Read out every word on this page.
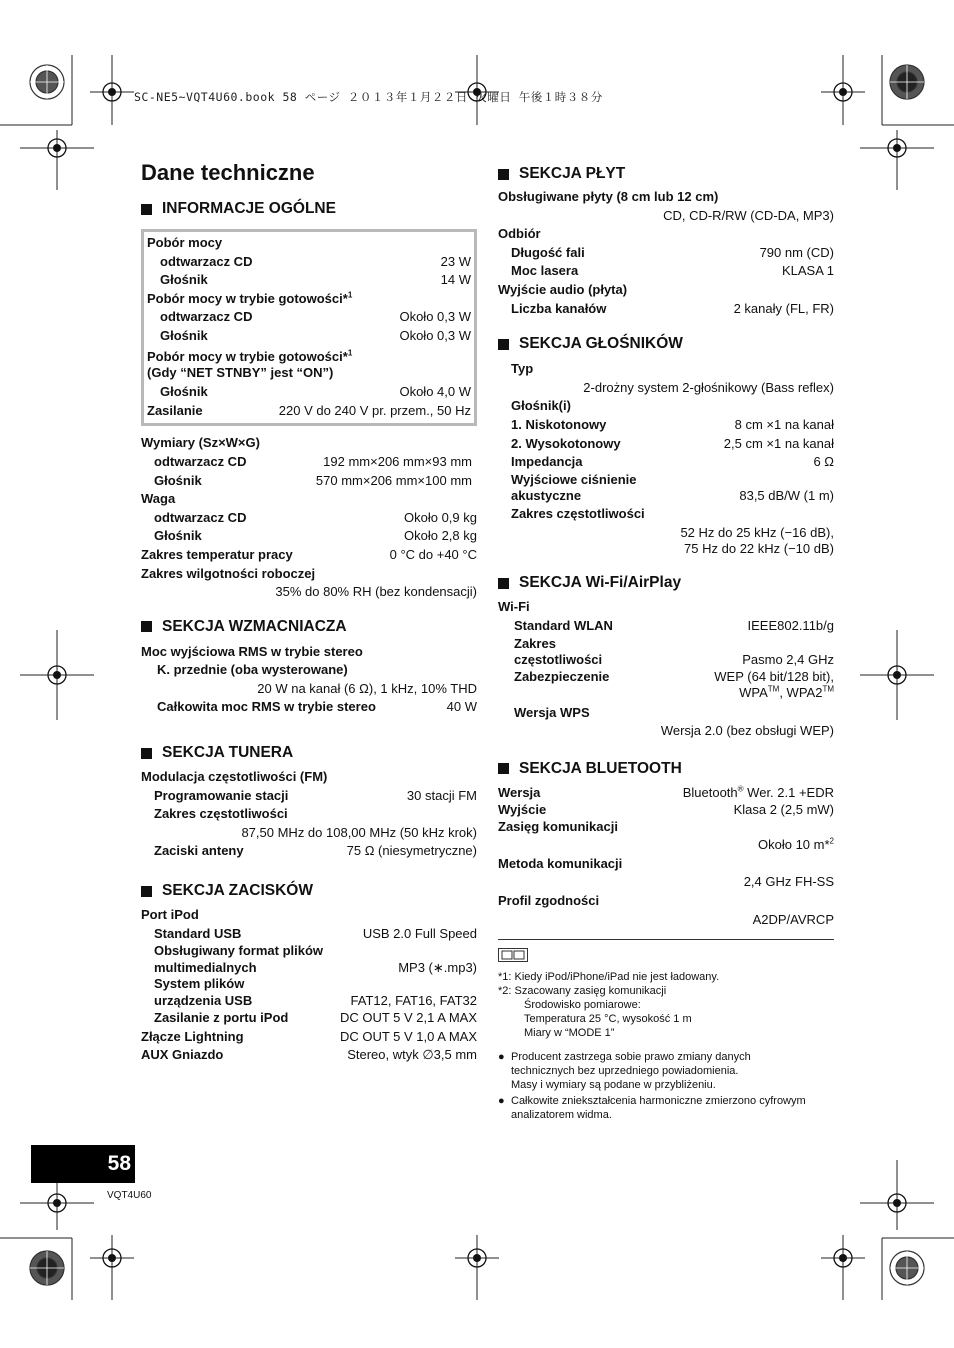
SC-NE5~VQT4U60.book 58 ページ ２０１３年１月２２日 火曜日 午後１時３８分
Dane techniczne
INFORMACJE OGÓLNE
Pobór mocy
odtwarzacz CD	23 W
Głośnik	14 W
Pobór mocy w trybie gotowości*$^1$
odtwarzacz CD	Około 0,3 W
Głośnik	Około 0,3 W
Pobór mocy w trybie gotowości*$^1$
(Gdy “NET STNBY” jest “ON”)
Głośnik	Około 4,0 W
Zasilanie	220 V do 240 V pr. przem., 50 Hz
Wymiary (Sz×W×G)
odtwarzacz CD	192 mm×206 mm×93 mm
Głośnik	570 mm×206 mm×100 mm
Waga
odtwarzacz CD	Około 0,9 kg
Głośnik	Około 2,8 kg
Zakres temperatur pracy	0 °C do +40 °C
Zakres wilgotności roboczej
35% do 80% RH (bez kondensacji)
SEKCJA WZMACNIACZA
Moc wyjściowa RMS w trybie stereo
K. przednie (oba wysterowane)
20 W na kanał (6 Ω), 1 kHz, 10% THD
Całkowita moc RMS w trybie stereo	40 W
SEKCJA TUNERA
Modulacja częstotliwości (FM)
Programowanie stacji	30 stacji FM
Zakres częstotliwości
87,50 MHz do 108,00 MHz (50 kHz krok)
Zaciski anteny	75 Ω (niesymetryczne)
SEKCJA ZACISKÓW
Port iPod
Standard USB	USB 2.0 Full Speed
Obsługiwany format plików
multimedialnych	MP3 (∗.mp3)
System plików
urządzenia USB	FAT12, FAT16, FAT32
Zasilanie z portu iPod	DC OUT 5 V 2,1 A MAX
Złącze Lightning	DC OUT 5 V 1,0 A MAX
AUX Gniazdo	Stereo, wtyk ∅3,5 mm
SEKCJA PŁYT
Obsługiwane płyty (8 cm lub 12 cm)
CD, CD-R/RW (CD-DA, MP3)
Odbiór
Długość fali	790 nm (CD)
Moc lasera	KLASA 1
Wyjście audio (płyta)
Liczba kanałów	2 kanały (FL, FR)
SEKCJA GŁOŚNIKÓW
Typ
2-drożny system 2-głośnikowy (Bass reflex)
Głośnik(i)
1. Niskotonowy	8 cm ×1 na kanał
2. Wysokotonowy	2,5 cm ×1 na kanał
Impedancja	6 Ω
Wyjściowe ciśnienie
akustyczne	83,5 dB/W (1 m)
Zakres częstotliwości
52 Hz do 25 kHz (−16 dB),
75 Hz do 22 kHz (−10 dB)
SEKCJA Wi-Fi/AirPlay
Wi-Fi
Standard WLAN	IEEE802.11b/g
Zakres
częstotliwości	Pasmo 2,4 GHz
Zabezpieczenie	WEP (64 bit/128 bit),
WPA™, WPA2™
Wersja WPS
Wersja 2.0 (bez obsługi WEP)
SEKCJA BLUETOOTH
Wersja	Bluetooth® Wer. 2.1 +EDR
Wyjście	Klasa 2 (2,5 mW)
Zasięg komunikacji
Około 10 m*$^2$
Metoda komunikacji
2,4 GHz FH-SS
Profil zgodności
A2DP/AVRCP
*1: Kiedy iPod/iPhone/iPad nie jest ładowany.
*2: Szacowany zasięg komunikacji
Środowisko pomiarowe:
Temperatura 25 °C, wysokość 1 m
Miary w “MODE 1”
● Producent zastrzega sobie prawo zmiany danych
technicznych bez uprzedniego powiadomienia.
Masy i wymiary są podane w przybliżeniu.
● Całkowite zniekształcenia harmoniczne zmierzono cyfrowym
analizatorem widma.
58
VQT4U60
